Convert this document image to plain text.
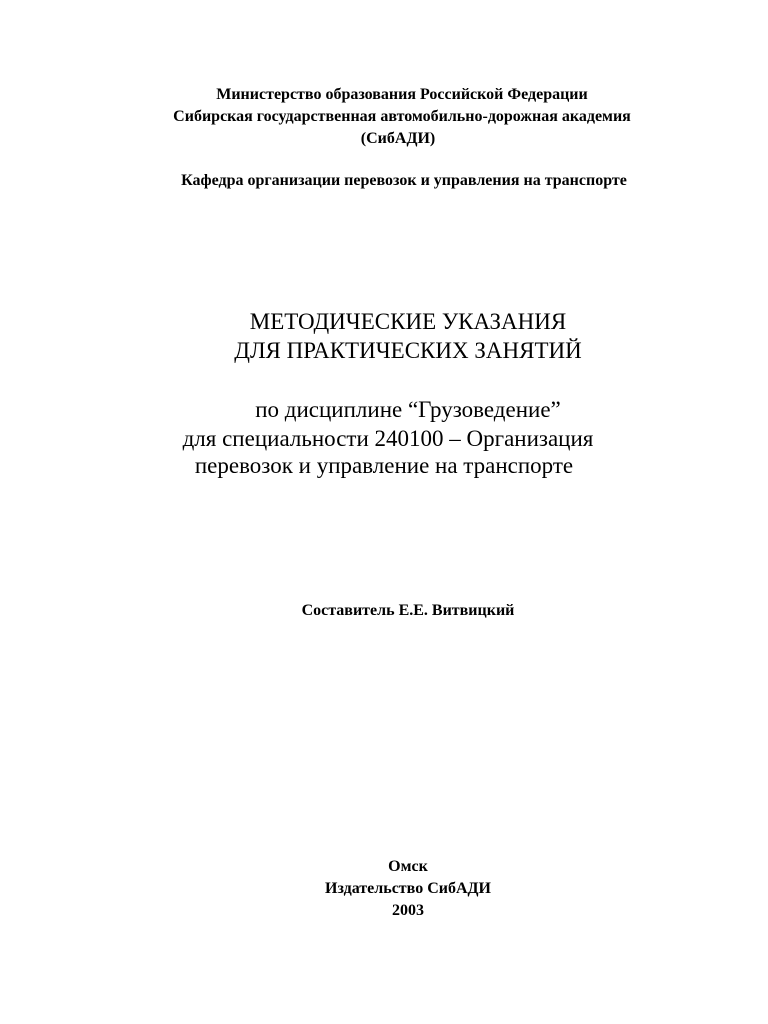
Министерство образования Российской Федерации

Сибирская государственная автомобильно-дорожная академия

(СибАДИ)

Кафедра организации перевозок и управления на транспорте

МЕТОДИЧЕСКИЕ УКАЗАНИЯ

ДЛЯ ПРАКТИЧЕСКИХ ЗАНЯТИЙ

по дисциплине “Грузоведение”

для специальности 240100 – Организация

перевозок и управление на транспорте

Составитель Е.Е. Витвицкий

Омск

Издательство СибАДИ

2003
